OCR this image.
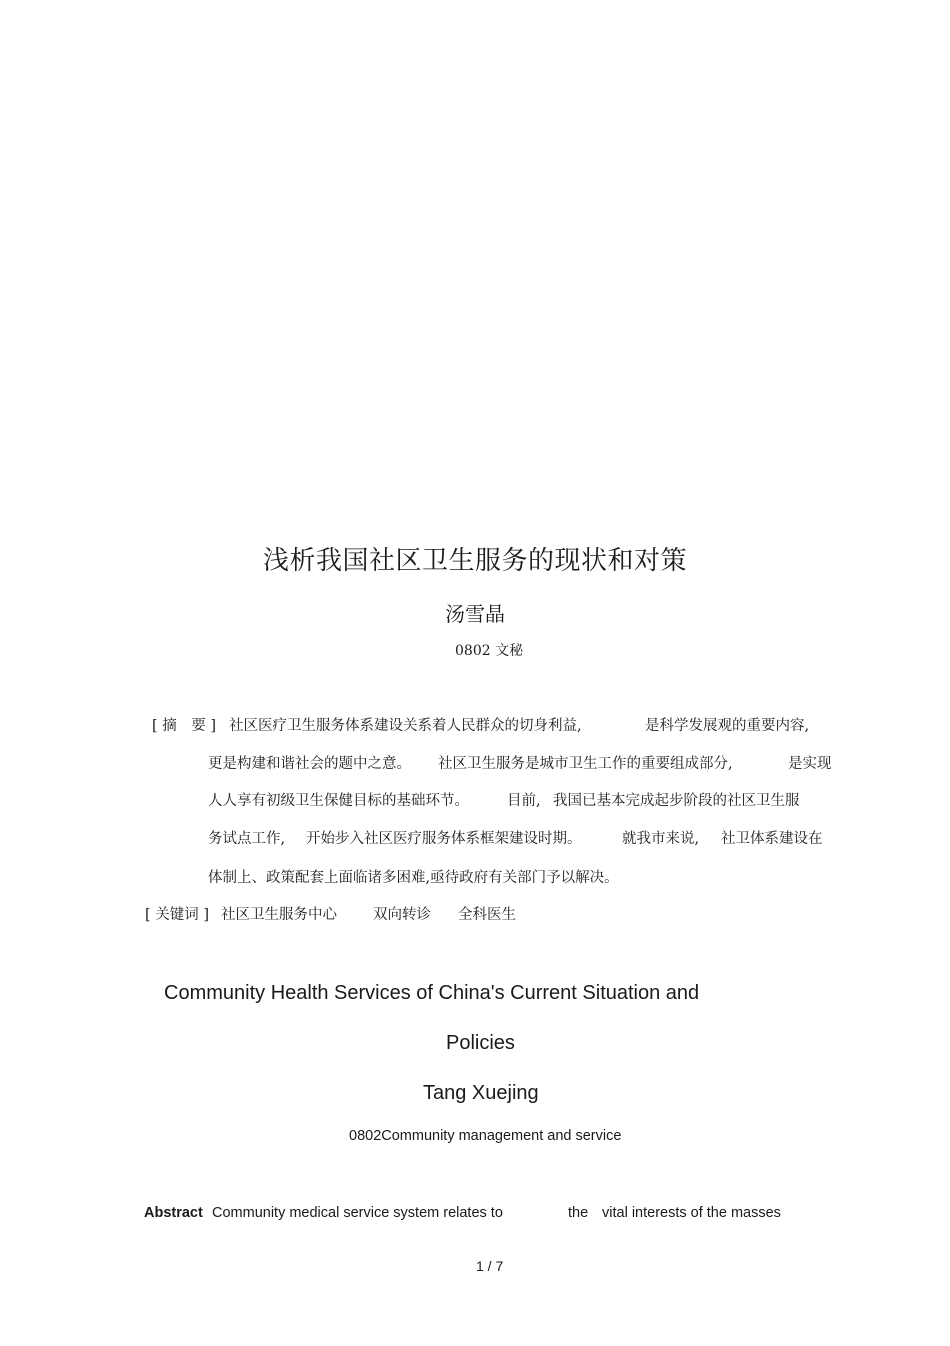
浅析我国社区卫生服务的现状和对策
汤雪晶
0802 文秘
[ 摘　要 ] 社区医疗卫生服务体系建设关系着人民群众的切身利益,	是科学发展观的重要内容,
更是构建和谐社会的题中之意。 社区卫生服务是城市卫生工作的重要组成部分,	是实现
人人享有初级卫生保健目标的基础环节。	目前, 我国已基本完成起步阶段的社区卫生服
务试点工作, 开始步入社区医疗服务体系框架建设时期。	就我市来说, 社卫体系建设在
体制上、政策配套上面临诸多困难,亟待政府有关部门予以解决。
[ 关键词 ] 社区卫生服务中心 双向转诊 全科医生
Community Health Services of China's Current Situation and
Policies
Tang Xuejing
0802Community management and service
Abstract Community medical service system relates to	the vital interests of the masses
1 / 7
